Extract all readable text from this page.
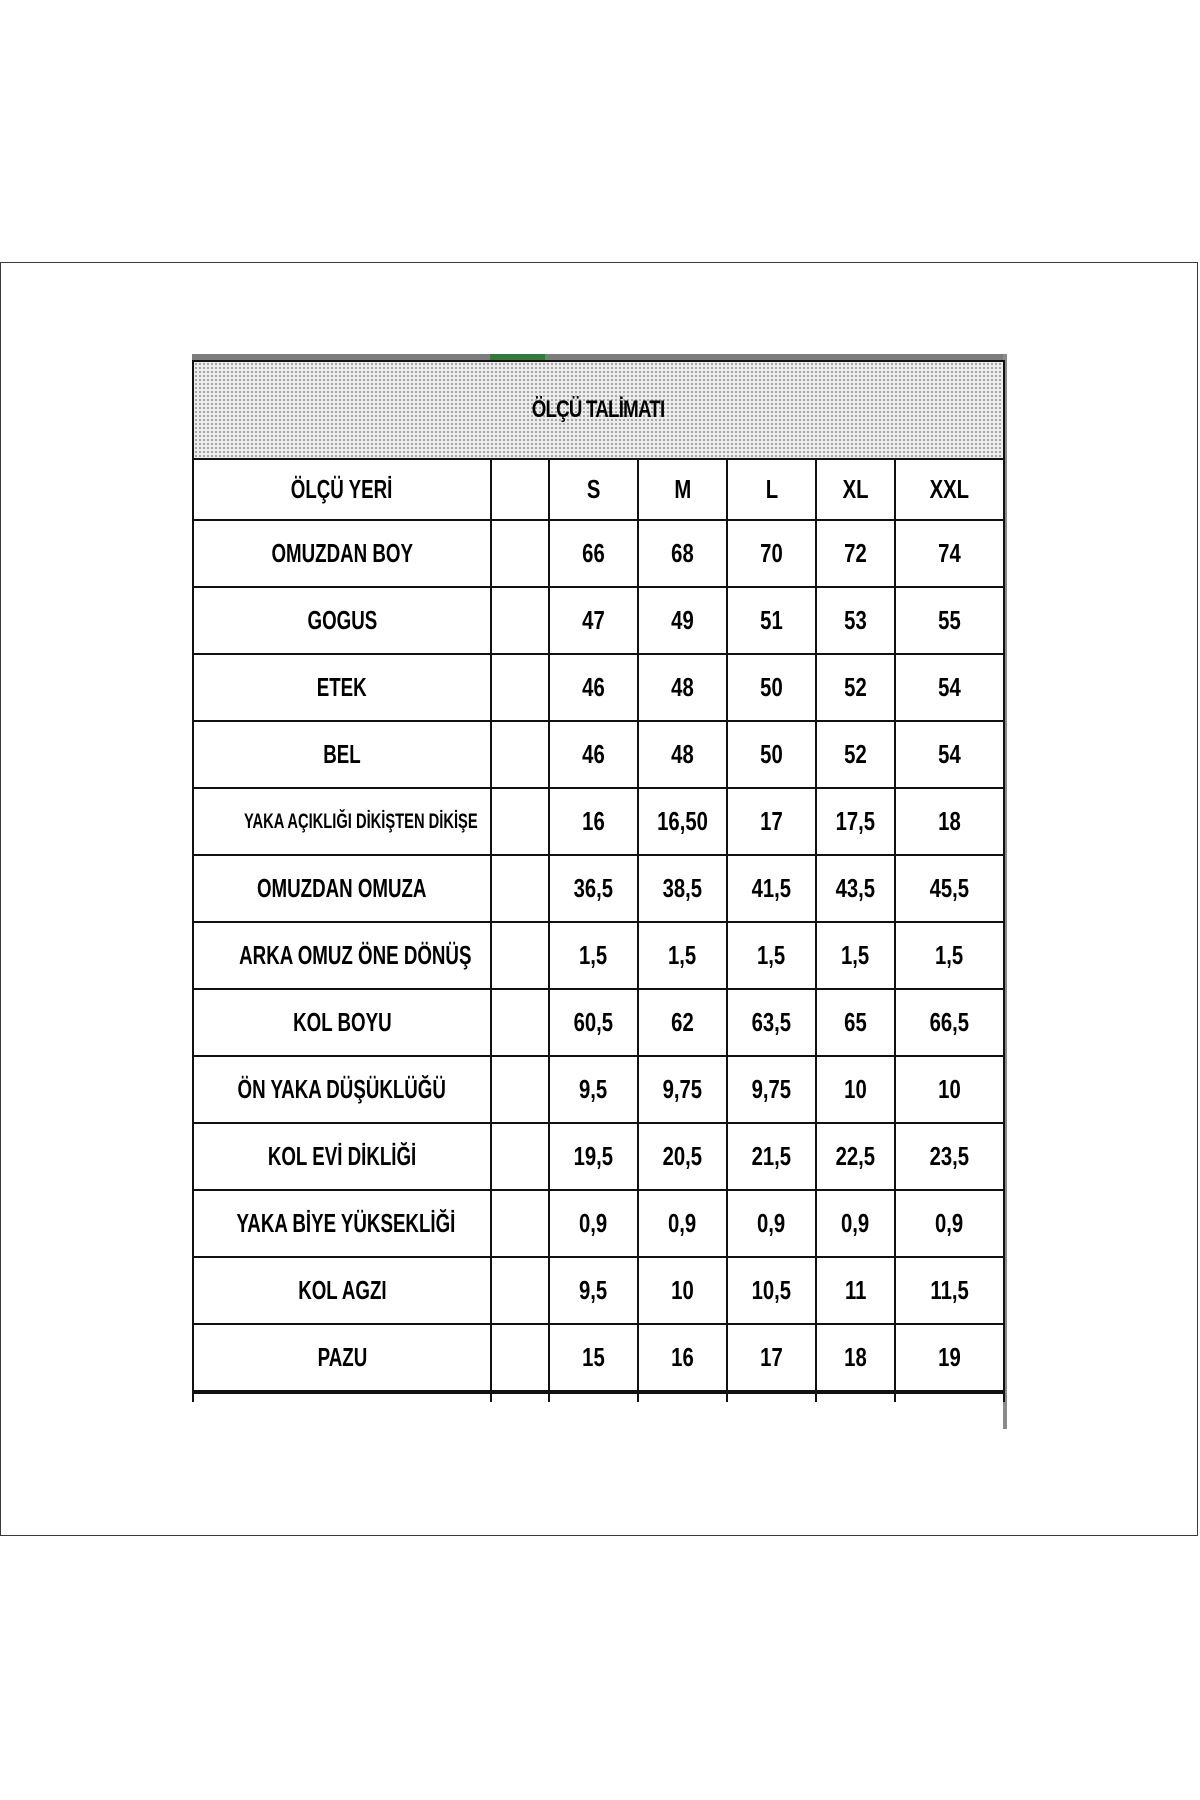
ÖLÇÜ TALİMATI						
ÖLÇÜ YERİ		S	M	L	XL	XXL
OMUZDAN BOY		66	68	70	72	74
GOGUS		47	49	51	53	55
ETEK		46	48	50	52	54
BEL		46	48	50	52	54
YAKA AÇIKLIĞI DİKİŞTEN DİKİŞE		16	16,50	17	17,5	18
OMUZDAN OMUZA		36,5	38,5	41,5	43,5	45,5
ARKA OMUZ ÖNE DÖNÜŞ		1,5	1,5	1,5	1,5	1,5
KOL BOYU		60,5	62	63,5	65	66,5
ÖN YAKA DÜŞÜKLÜĞÜ		9,5	9,75	9,75	10	10
KOL EVİ DİKLİĞİ		19,5	20,5	21,5	22,5	23,5
YAKA BİYE YÜKSEKLİĞİ		0,9	0,9	0,9	0,9	0,9
KOL AGZI		9,5	10	10,5	11	11,5
PAZU		15	16	17	18	19
